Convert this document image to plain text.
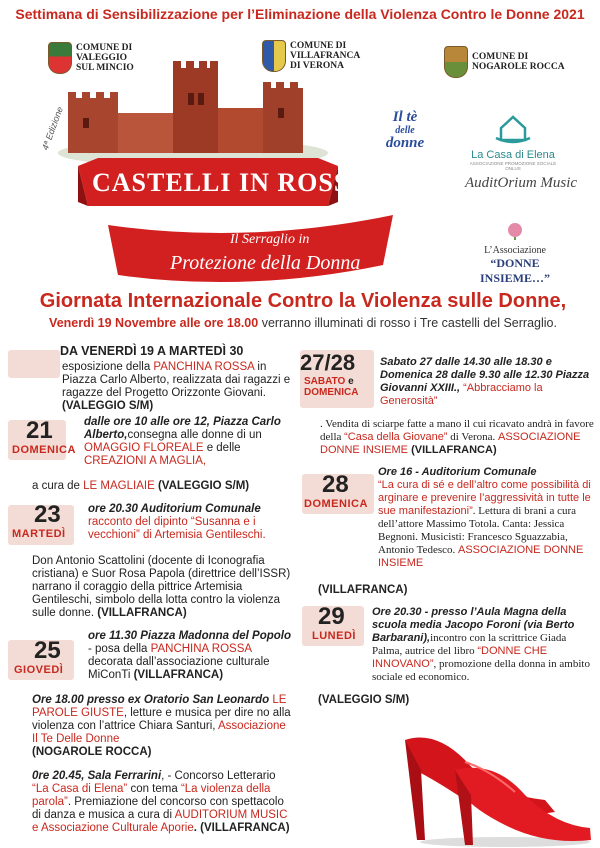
Settimana di Sensibilizzazione per l’Eliminazione della Violenza Contro le Donne 2021
COMUNE DI
VALEGGIO
SUL MINCIO
COMUNE DI
VILLAFRANCA
DI VERONA
COMUNE DI
NOGAROLE ROCCA
4ª Edizione
CASTELLI IN ROSSO...
Il Serraglio in
Protezione della Donna
Il tè
delle
donne
La Casa di Elena
ASSOCIAZIONE PROMOZIONE SOCIALE ONLUS
AuditOrium Music
L’Associazione
“DONNE INSIEME…”
Giornata Internazionale Contro la Violenza sulle Donne,
Venerdì 19 Novembre alle ore 18.00 verranno illuminati di rosso i Tre castelli del Serraglio.
DA VENERDÌ 19 A MARTEDÌ 30
esposizione della PANCHINA ROSSA in Piazza Carlo Alberto, realizzata dai ragazzi e ragazze del Progetto Orizzonte Giovani. (VALEGGIO S/M)
21
DOMENICA
dalle ore 10 alle ore 12, Piazza Carlo Alberto,consegna alle donne di un OMAGGIO FLOREALE e delle CREAZIONI A MAGLIA,
a cura de LE MAGLIAIE (VALEGGIO S/M)
23
MARTEDÌ
ore 20.30 Auditorium Comunale
racconto del dipinto “Susanna e i vecchioni” di Artemisia Gentileschi.
Don Antonio Scattolini (docente di Iconografia cristiana) e Suor Rosa Papola (direttrice dell’ISSR) narrano il coraggio della pittrice Artemisia Gentileschi, simbolo della lotta contro la violenza sulle donne. (VILLAFRANCA)
25
GIOVEDÌ
ore 11.30 Piazza Madonna del Popolo - posa della PANCHINA ROSSA decorata dall’associazione culturale MiConTi (VILLAFRANCA)
Ore 18.00 presso ex Oratorio San Leonardo LE PAROLE GIUSTE, letture e musica per dire no alla violenza con l’attrice Chiara Santuri, Associazione Il Te Delle Donne
(NOGAROLE ROCCA)
0re 20.45, Sala Ferrarini, - Concorso Letterario “La Casa di Elena” con tema “La violenza della parola”. Premiazione del concorso con spettacolo di danza e musica a cura di AUDITORIUM MUSIC e Associazione Culturale Aporie. (VILLAFRANCA)
27/28
SABATO e
DOMENICA
Sabato 27 dalle 14.30 alle 18.30 e Domenica 28 dalle 9.30 alle 12.30 Piazza Giovanni XXIII., “Abbracciamo la Generosità”
. Vendita di sciarpe fatte a mano il cui ricavato andrà in favore della “Casa della Giovane” di Verona. ASSOCIAZIONE DONNE INSIEME (VILLAFRANCA)
28
DOMENICA
Ore 16 - Auditorium Comunale
“La cura di sé e dell’altro come possibilità di arginare e prevenire l’aggressività in tutte le sue manifestazioni”. Lettura di brani a cura dell’attore Massimo Totola. Canta: Jessica Begnoni. Musicisti: Francesco Sguazzabia, Antonio Tedesco. ASSOCIAZIONE DONNE INSIEME
(VILLAFRANCA)
29
LUNEDÌ
Ore 20.30 - presso l’Aula Magna della scuola media Jacopo Foroni (via Berto Barbarani),incontro con la scrittrice Giada Palma, autrice del libro “DONNE CHE INNOVANO”, promozione della donna in ambito sociale ed economico.
(VALEGGIO S/M)
